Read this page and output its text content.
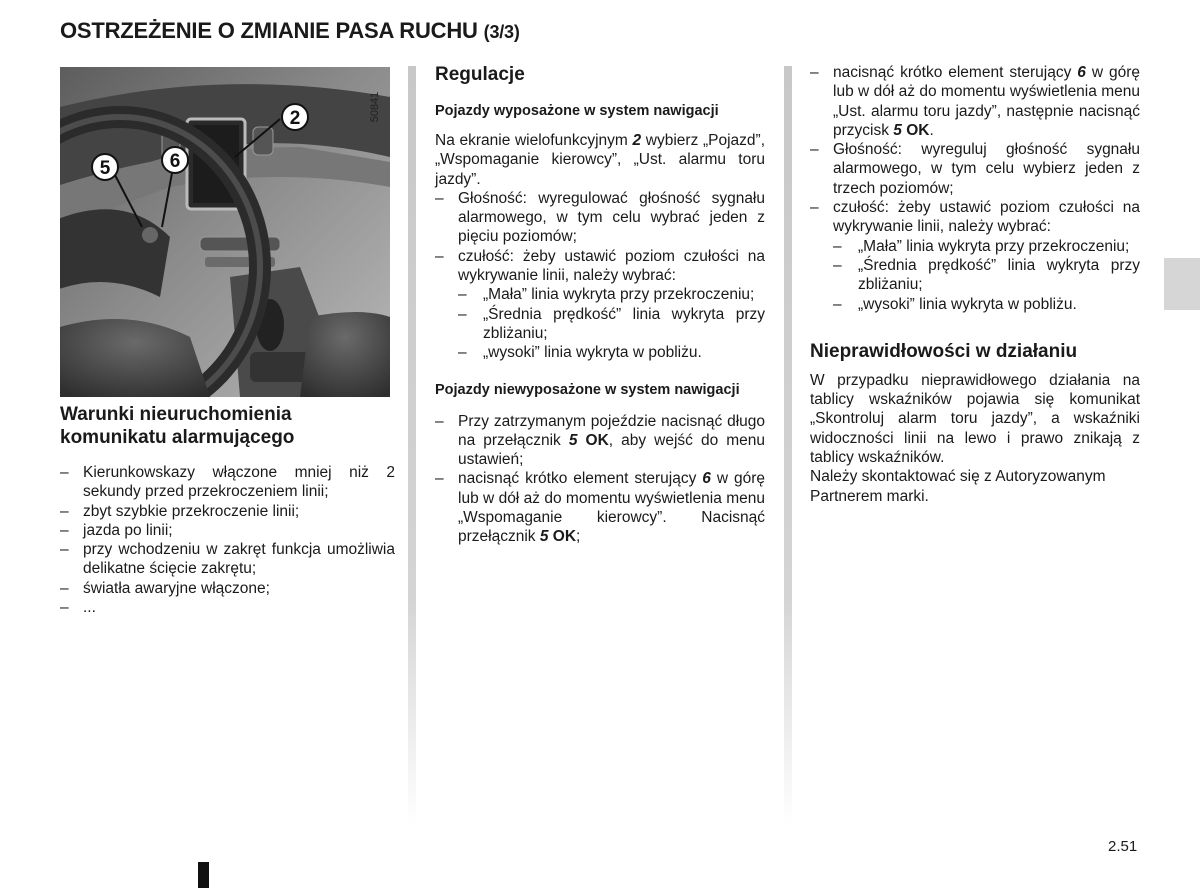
OSTRZEŻENIE O ZMIANIE PASA RUCHU (3/3)
2
5	6
50841
Warunki nieuruchomienia
komunikatu alarmującego
– Kierunkowskazy włączone mniej niż 2 sekundy przed przekroczeniem linii;
– zbyt szybkie przekroczenie linii;
– jazda po linii;
– przy wchodzeniu w zakręt funkcja umożliwia delikatne ścięcie zakrętu;
– światła awaryjne włączone;
– ...
Regulacje
Pojazdy wyposażone w system nawigacji

Na ekranie wielofunkcyjnym 2 wybierz „Pojazd”, „Wspomaganie kierowcy”, „Ust. alarmu toru jazdy”.

– Głośność: wyregulować głośność sygnału alarmowego, w tym celu wybrać jeden z pięciu poziomów;
– czułość: żeby ustawić poziom czułości na wykrywanie linii, należy wybrać:
– „Mała” linia wykryta przy przekroczeniu;
– „Średnia prędkość” linia wykryta przy zbliżaniu;
– „wysoki” linia wykryta w pobliżu.
Pojazdy niewyposażone w system nawigacji
– Przy zatrzymanym pojeździe nacisnąć długo na przełącznik 5 OK, aby wejść do menu ustawień;
– nacisnąć krótko element sterujący 6 w górę lub w dół aż do momentu wyświetlenia menu „Wspomaganie kierowcy”. Nacisnąć przełącznik 5 OK;
– nacisnąć krótko element sterujący 6 w górę lub w dół aż do momentu wyświetlenia menu „Ust. alarmu toru jazdy”, następnie nacisnąć przycisk 5 OK.
– Głośność: wyreguluj głośność sygnału alarmowego, w tym celu wybierz jeden z trzech poziomów;
– czułość: żeby ustawić poziom czułości na wykrywanie linii, należy wybrać:
– „Mała” linia wykryta przy przekroczeniu;
– „Średnia prędkość” linia wykryta przy zbliżaniu;
– „wysoki” linia wykryta w pobliżu.
Nieprawidłowości w działaniu

W przypadku nieprawidłowego działania na tablicy wskaźników pojawia się komunikat „Skontroluj alarm toru jazdy”, a wskaźniki widoczności linii na lewo i prawo znikają z tablicy wskaźników.

Należy skontaktować się z Autoryzowanym Partnerem marki.

2.51
